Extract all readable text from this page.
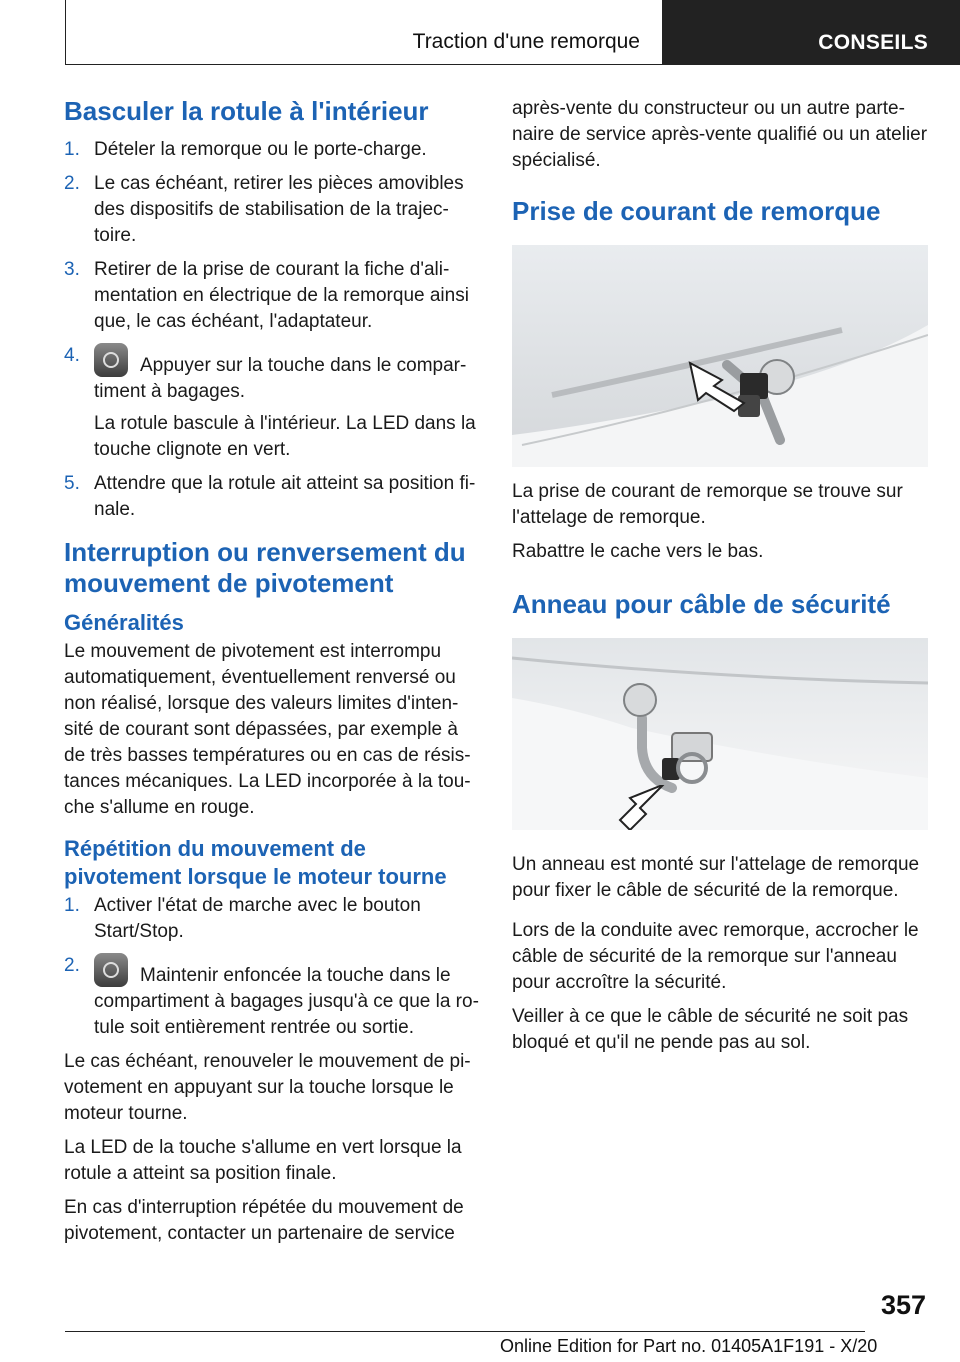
Traction d'une remorque	CONSEILS
Basculer la rotule à l'intérieur
1. Dételer la remorque ou le porte-charge.
2. Le cas échéant, retirer les pièces amovibles des dispositifs de stabilisation de la trajec-toire.
3. Retirer de la prise de courant la fiche d'ali-mentation en électrique de la remorque ainsi que, le cas échéant, l'adaptateur.
4.	Appuyer sur la touche dans le compar-timent à bagages.
La rotule bascule à l'intérieur. La LED dans la touche clignote en vert.
5. Attendre que la rotule ait atteint sa position fi-nale.
Interruption ou renversement du mouvement de pivotement
Généralités

Le mouvement de pivotement est interrompu automatiquement, éventuellement renversé ou non réalisé, lorsque des valeurs limites d'inten-sité de courant sont dépassées, par exemple à de très basses températures ou en cas de résis-tances mécaniques. La LED incorporée à la tou-che s'allume en rouge.

Répétition du mouvement de pivotement lorsque le moteur tourne
1. Activer l'état de marche avec le bouton Start/Stop.
2.	Maintenir enfoncée la touche dans le compartiment à bagages jusqu'à ce que la ro-tule soit entièrement rentrée ou sortie.

Le cas échéant, renouveler le mouvement de pi-votement en appuyant sur la touche lorsque le moteur tourne.

La LED de la touche s'allume en vert lorsque la rotule a atteint sa position finale.

En cas d'interruption répétée du mouvement de pivotement, contacter un partenaire de service

après-vente du constructeur ou un autre parte-naire de service après-vente qualifié ou un atelier spécialisé.

Prise de courant de remorque

La prise de courant de remorque se trouve sur l'attelage de remorque.

Rabattre le cache vers le bas.

Anneau pour câble de sécurité

Un anneau est monté sur l'attelage de remorque pour fixer le câble de sécurité de la remorque.

Lors de la conduite avec remorque, accrocher le câble de sécurité de la remorque sur l'anneau pour accroître la sécurité.

Veiller à ce que le câble de sécurité ne soit pas bloqué et qu'il ne pende pas au sol.

357
Online Edition for Part no. 01405A1F191 - X/20
